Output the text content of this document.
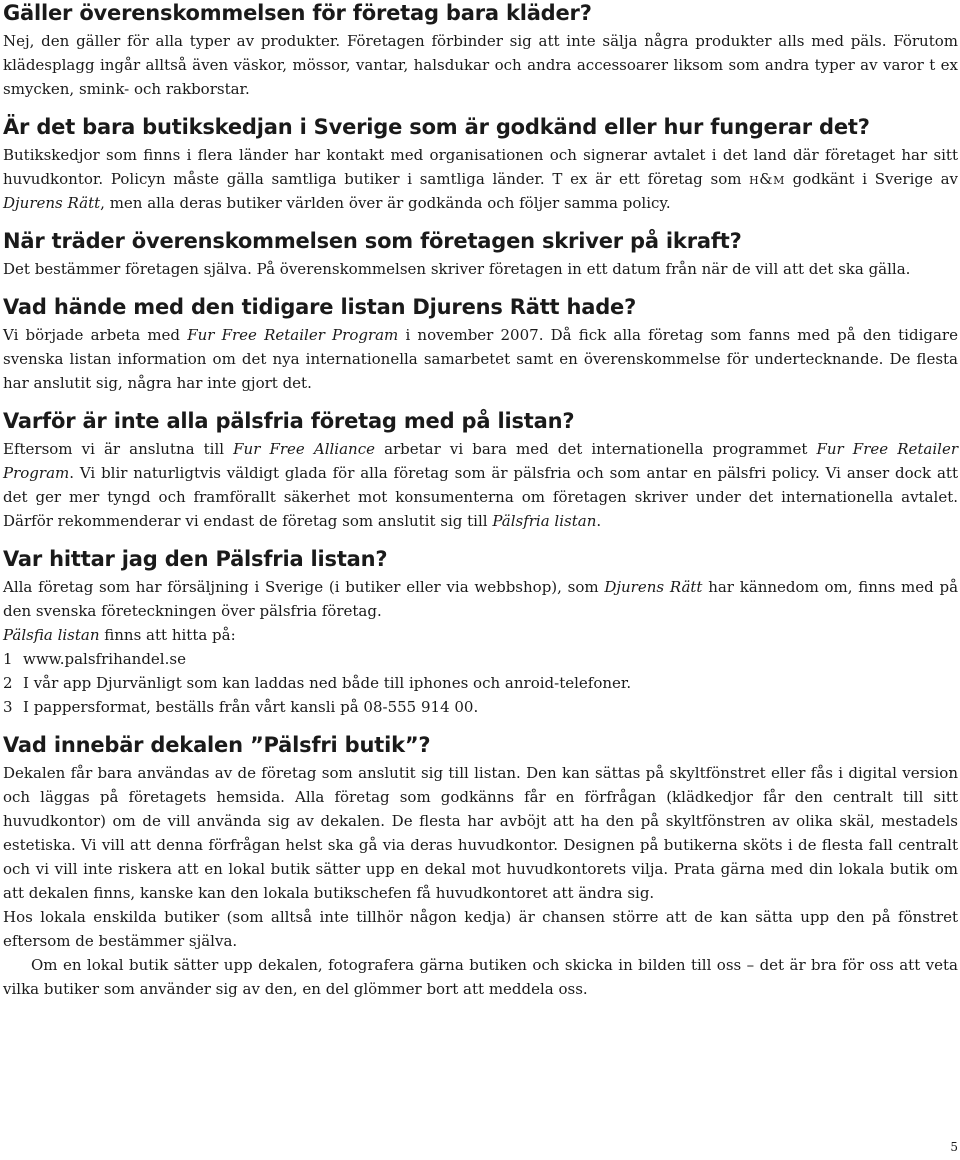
Gäller överenskommelsen för företag bara kläder?

Nej, den gäller för alla typer av produkter. Företagen förbinder sig att inte sälja några produkter alls med päls. Förutom klädesplagg ingår alltså även väskor, mössor, vantar, halsdukar och andra accessoarer liksom som andra typer av varor t ex smycken, smink- och rakborstar.

Är det bara butikskedjan i Sverige som är godkänd eller hur fungerar det?

Butikskedjor som finns i flera länder har kontakt med organisationen och signerar avtalet i det land där företaget har sitt huvudkontor. Policyn måste gälla samtliga butiker i samtliga länder. T ex är ett företag som h&m godkänt i Sverige av Djurens Rätt, men alla deras butiker världen över är godkända och följer samma policy.

När träder överenskommelsen som företagen skriver på ikraft?

Det bestämmer företagen själva. På överenskommelsen skriver företagen in ett datum från när de vill att det ska gälla.

Vad hände med den tidigare listan Djurens Rätt hade?

Vi började arbeta med Fur Free Retailer Program i november 2007. Då fick alla företag som fanns med på den tidigare svenska listan information om det nya internationella samarbetet samt en överenskommelse för undertecknande. De flesta har anslutit sig, några har inte gjort det.

Varför är inte alla pälsfria företag med på listan?

Eftersom vi är anslutna till Fur Free Alliance arbetar vi bara med det internationella programmet Fur Free Retailer Program. Vi blir naturligtvis väldigt glada för alla företag som är pälsfria och som antar en pälsfri policy. Vi anser dock att det ger mer tyngd och framförallt säkerhet mot konsumenterna om företagen skriver under det internationella avtalet. Därför rekommenderar vi endast de företag som anslutit sig till Pälsfria listan.

Var hittar jag den Pälsfria listan?

Alla företag som har försäljning i Sverige (i butiker eller via webbshop), som Djurens Rätt har kännedom om, finns med på den svenska företeckningen över pälsfria företag.

Pälsfia listan finns att hitta på:

1 www.palsfrihandel.se
2 I vår app Djurvänligt som kan laddas ned både till iphones och anroid-telefoner.
3 I pappersformat, beställs från vårt kansli på 08-555 914 00.
Vad innebär dekalen ”Pälsfri butik”?

Dekalen får bara användas av de företag som anslutit sig till listan. Den kan sättas på skyltfönstret eller fås i digital version och läggas på företagets hemsida. Alla företag som godkänns får en förfrågan (klädkedjor får den centralt till sitt huvudkontor) om de vill använda sig av dekalen. De flesta har avböjt att ha den på skyltfönstren av olika skäl, mestadels estetiska. Vi vill att denna förfrågan helst ska gå via deras huvudkontor. Designen på butikerna sköts i de flesta fall centralt och vi vill inte riskera att en lokal butik sätter upp en dekal mot huvudkontorets vilja. Prata gärna med din lokala butik om att dekalen finns, kanske kan den lokala butikschefen få huvudkontoret att ändra sig.

Hos lokala enskilda butiker (som alltså inte tillhör någon kedja) är chansen större att de kan sätta upp den på fönstret eftersom de bestämmer själva.

Om en lokal butik sätter upp dekalen, fotografera gärna butiken och skicka in bilden till oss – det är bra för oss att veta vilka butiker som använder sig av den, en del glömmer bort att meddela oss.

5
